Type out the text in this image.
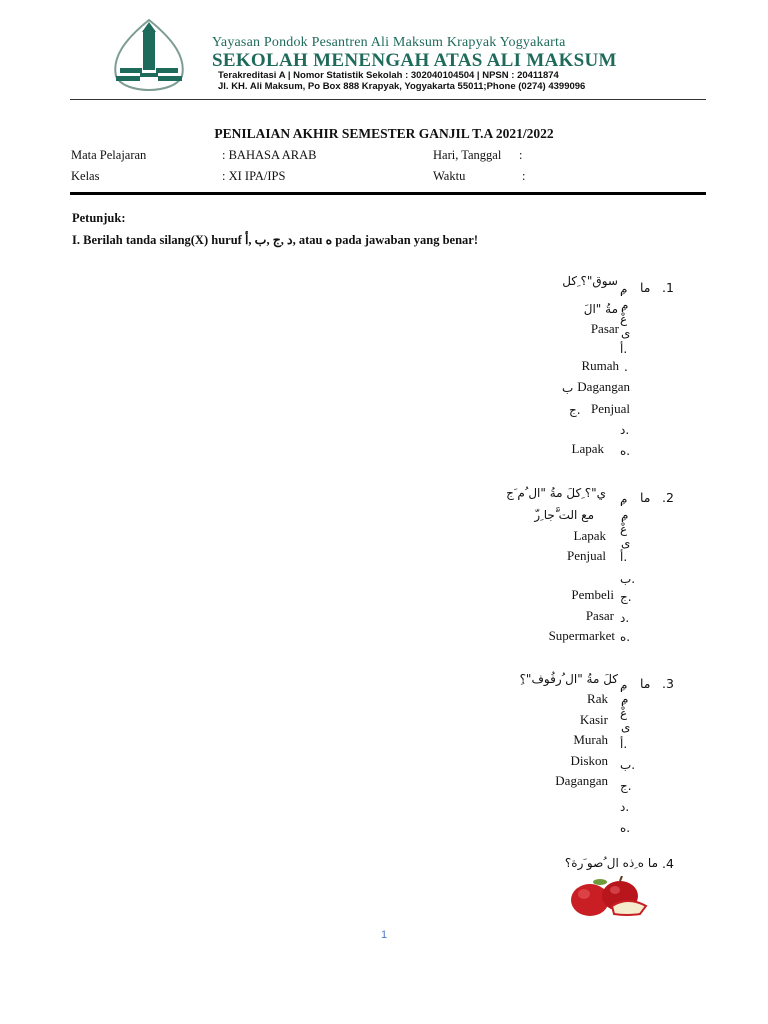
Yayasan Pondok Pesantren Ali Maksum Krapyak Yogyakarta
SEKOLAH MENENGAH ATAS ALI MAKSUM
Terakreditasi A | Nomor Statistik Sekolah : 302040104504 | NPSN : 20411874
Jl. KH. Ali Maksum, Po Box 888 Krapyak, Yogyakarta 55011;Phone (0274) 4399096
PENILAIAN AKHIR SEMESTER GANJIL T.A 2021/2022
Mata Pelajaran	: BAHASA ARAB	Hari, Tanggal :
Kelas	: XI IPA/IPS	Waktu	:
Petunjuk:
I. Berilah tanda silang(X) huruf د ,ج ,ب ,أ, atau ه pada jawaban yang benar!
.1
ما
سوق"؟ ِكل
َمةُ "ال
ِم
ِم
ْع
ى
أ.
.
ب
ج.
د.
ه.
Pasar
Rumah
Dagangan
Penjual
Lapak
.2
ما
ي"؟ ِكلَ مةُ "ال ُم َج
ّمع الت َّجا ِر
ِم
ِم
ْع
ى
أ.
ب.
ج.
د.
ه.
Lapak
Penjual
Pembeli
Pasar
Supermarket
.3
ما
ِكلَ مةُ "ال ُرفُوف"؟	ِم
ِم
ْع
ى
أ.
ب.
ج.
د.
ه.
Rak
Kasir
Murah
Diskon
Dagangan
.4
ما ه ِذه ال ُصو َرة؟
1
